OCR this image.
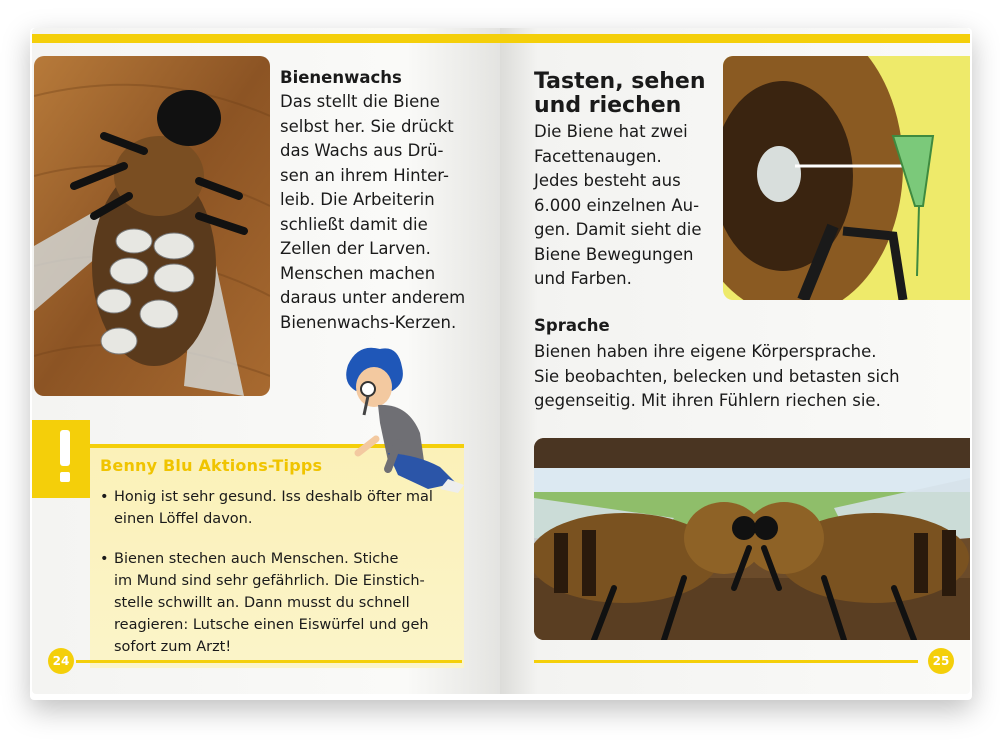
Bienenwachs
Das stellt die Biene
selbst her. Sie drückt
das Wachs aus Drü-
sen an ihrem Hinter-
leib. Die Arbeiterin
schließt damit die
Zellen der Larven.
Menschen machen
daraus unter anderem
Bienenwachs-Kerzen.
Benny Blu Aktions-Tipps
• Honig ist sehr gesund. Iss deshalb öfter mal
einen Löffel davon.
• Bienen stechen auch Menschen. Stiche
im Mund sind sehr gefährlich. Die Einstich-
stelle schwillt an. Dann musst du schnell
reagieren: Lutsche einen Eiswürfel und geh
sofort zum Arzt!
24
Tasten, sehen
und riechen
Die Biene hat zwei
Facettenaugen.
Jedes besteht aus
6.000 einzelnen Au-
gen. Damit sieht die
Biene Bewegungen
und Farben.
Sprache
Bienen haben ihre eigene Körpersprache.
Sie beobachten, belecken und betasten sich
gegenseitig. Mit ihren Fühlern riechen sie.
25
